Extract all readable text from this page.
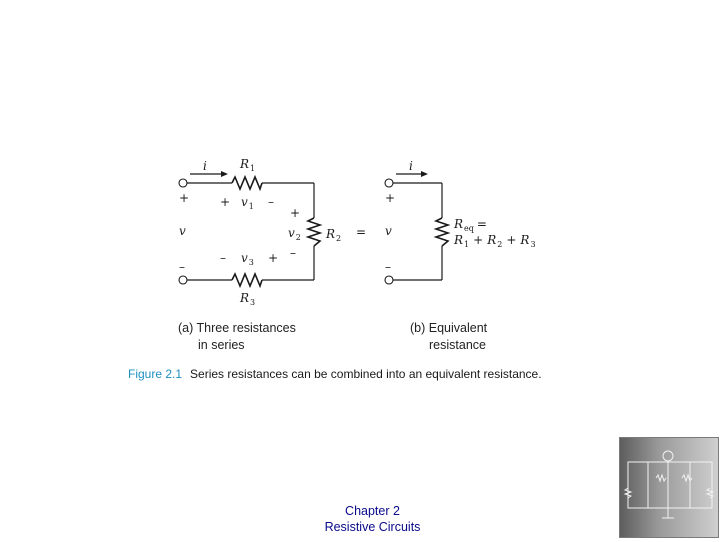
i	R1
+ v1 –
+
v2
–
R2
+
v
–
– v3 +
R3
=
i
+
v
–
Req =
R1 + R2 + R3
(a) Three resistances
in series
(b) Equivalent
resistance
Figure 2.1 Series resistances can be combined into an equivalent resistance.
Chapter 2
Resistive Circuits
